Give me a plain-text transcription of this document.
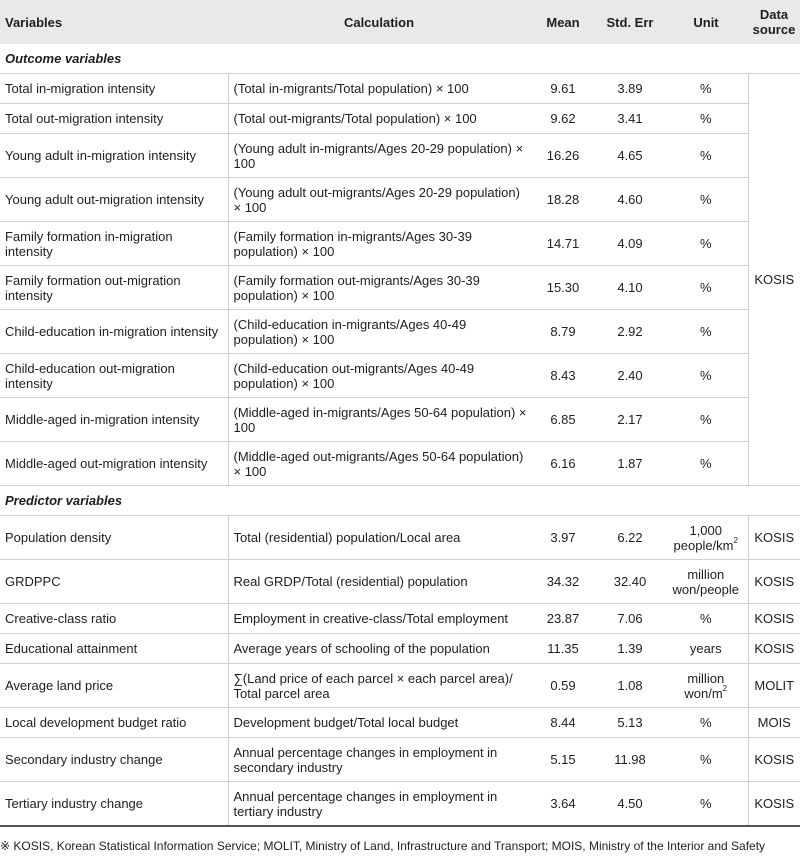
Variables	Calculation	Mean	Std. Err	Unit	Data source
Outcome variables					
Total in-migration intensity	(Total in-migrants/Total population) × 100	9.61	3.89	%	KOSIS
Total out-migration intensity	(Total out-migrants/Total population) × 100	9.62	3.41	%	
Young adult in-migration intensity	(Young adult in-migrants/Ages 20-29 population) × 100	16.26	4.65	%	
Young adult out-migration intensity	(Young adult out-migrants/Ages 20-29 population) × 100	18.28	4.60	%	
Family formation in-migration intensity	(Family formation in-migrants/Ages 30-39 population) × 100	14.71	4.09	%	
Family formation out-migration intensity	(Family formation out-migrants/Ages 30-39 population) × 100	15.30	4.10	%	
Child-education in-migration intensity	(Child-education in-migrants/Ages 40-49 population) × 100	8.79	2.92	%	
Child-education out-migration intensity	(Child-education out-migrants/Ages 40-49 population) × 100	8.43	2.40	%	
Middle-aged in-migration intensity	(Middle-aged in-migrants/Ages 50-64 population) × 100	6.85	2.17	%	
Middle-aged out-migration intensity	(Middle-aged out-migrants/Ages 50-64 population) × 100	6.16	1.87	%	
Predictor variables					
Population density	Total (residential) population/Local area	3.97	6.22	1,000 people/$km^2$	KOSIS
GRDPPC	Real GRDP/Total (residential) population	34.32	32.40	million won/people	KOSIS
Creative-class ratio	Employment in creative-class/Total employment	23.87	7.06	%	KOSIS
Educational attainment	Average years of schooling of the population	11.35	1.39	years	KOSIS
Average land price	∑(Land price of each parcel × each parcel area)/ Total parcel area	0.59	1.08	million won/$m^2$	MOLIT
Local development budget ratio	Development budget/Total local budget	8.44	5.13	%	MOIS
Secondary industry change	Annual percentage changes in employment in secondary industry	5.15	11.98	%	KOSIS
Tertiary industry change	Annual percentage changes in employment in tertiary industry	3.64	4.50	%	KOSIS
※ KOSIS, Korean Statistical Information Service; MOLIT, Ministry of Land, Infrastructure and Transport; MOIS, Ministry of the Interior and Safety
